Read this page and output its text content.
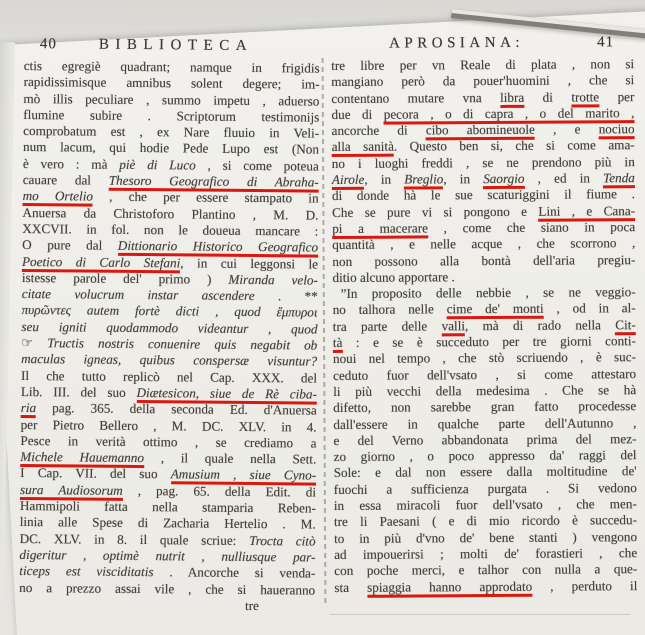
40	BIBLIOTECA
ctis egregiè quadrant; namque in frigidis
rapidissimisque amnibus solent degere; im-
mò illis peculiare , summo impetu , aduerso
flumine subire . Scriptorum testimonijs
comprobatum est , ex Nare fluuio in Veli-
num lacum, qui hodie Pede Lupo est (Non
è vero : mà piè di Luco , si come poteua
cauare dal Thesoro Geografico di Abraha-
mo Ortelio , che per essere stampato in
Anuersa da Christoforo Plantino , M. D.
XXCVII. in fol. non le doueua mancare :
O pure dal Dittionario Historico Geografico
Poetico di Carlo Stefani, in cui leggonsi le
istesse parole del' primo ) Miranda velo-
citate volucrum instar ascendere . **
πυρῶντες autem fortè dicti , quod ἔμπυροι
seu igniti quodammodo videantur , quod
☞ Tructis nostris conuenire quis negabit ob
maculas igneas, quibus conspersæ visuntur?
Il che tutto replicò nel Cap. XXX. del
Lib. III. del suo Diætesicon, siue de Rè ciba-
ria pag. 365. della seconda Ed. d'Anuersa
per Pietro Bellero , M. DC. XLV. in 4.
Pesce in verità ottimo , se crediamo a
Michele Hauemanno , il quale nella Sett.
I Cap. VII. del suo Amusium , siue Cyno-
sura Audiosorum , pag. 65. della Edit. di
Hammipoli fatta nella stamparia Reben-
linia alle Spese di Zacharia Hertelio . M.
DC. XLV. in 8. il quale scriue: Trocta citò
digeritur , optimè nutrit , nulliusque par-
ticeps est visciditatis . Ancorche si venda-
no a prezzo assai vile , che si haueranno
tre
APROSIANA:	41
tre libre per vn Reale di plata , non si
mangiano però da pouer'huomini , che si
contentano mutare vna libra di trotte per
due di pecora , o di capra , o del marito ,
ancorche di cibo abomineuole , e nociuo
alla sanità. Questo ben si, che si come ama-
no i luoghi freddi , se ne prendono più in
Airole, in Breglio, in Saorgio , ed in Tenda
di donde hà le sue scaturiggini il fiume .
Che se pure vi si pongono e Lini , e Cana-
pi a macerare , come che siano in poca
quantità , e nelle acque , che scorrono ,
non possono alla bontà dell'aria pregiu-
ditio alcuno apportare .
”In proposito delle nebbie , se ne veggio-
no talhora nelle cime de' monti , od in al-
tra parte delle valli, mà di rado nella Cit-
tà : e se è succeduto per tre giorni conti-
noui nel tempo , che stò scriuendo , è suc-
ceduto fuor dell'vsato , si come attestaro
li più vecchi della medesima . Che se hà
difetto, non sarebbe gran fatto procedesse
dall'essere in qualche parte dell'Autunno ,
e del Verno abbandonata prima del mez-
zo giorno , o poco appresso da' raggi del
Sole: e dal non essere dalla moltitudine de'
fuochi a sufficienza purgata . Si vedono
in essa miracoli fuor dell'vsato , che men-
tre li Paesani ( e di mio ricordo è succedu-
to in più d'vno de' bene stanti ) vengono
ad impouerirsi ; molti de' forastieri , che
con poche merci, e talhor con nulla a que-
sta spiaggia hanno approdato , perduto il
